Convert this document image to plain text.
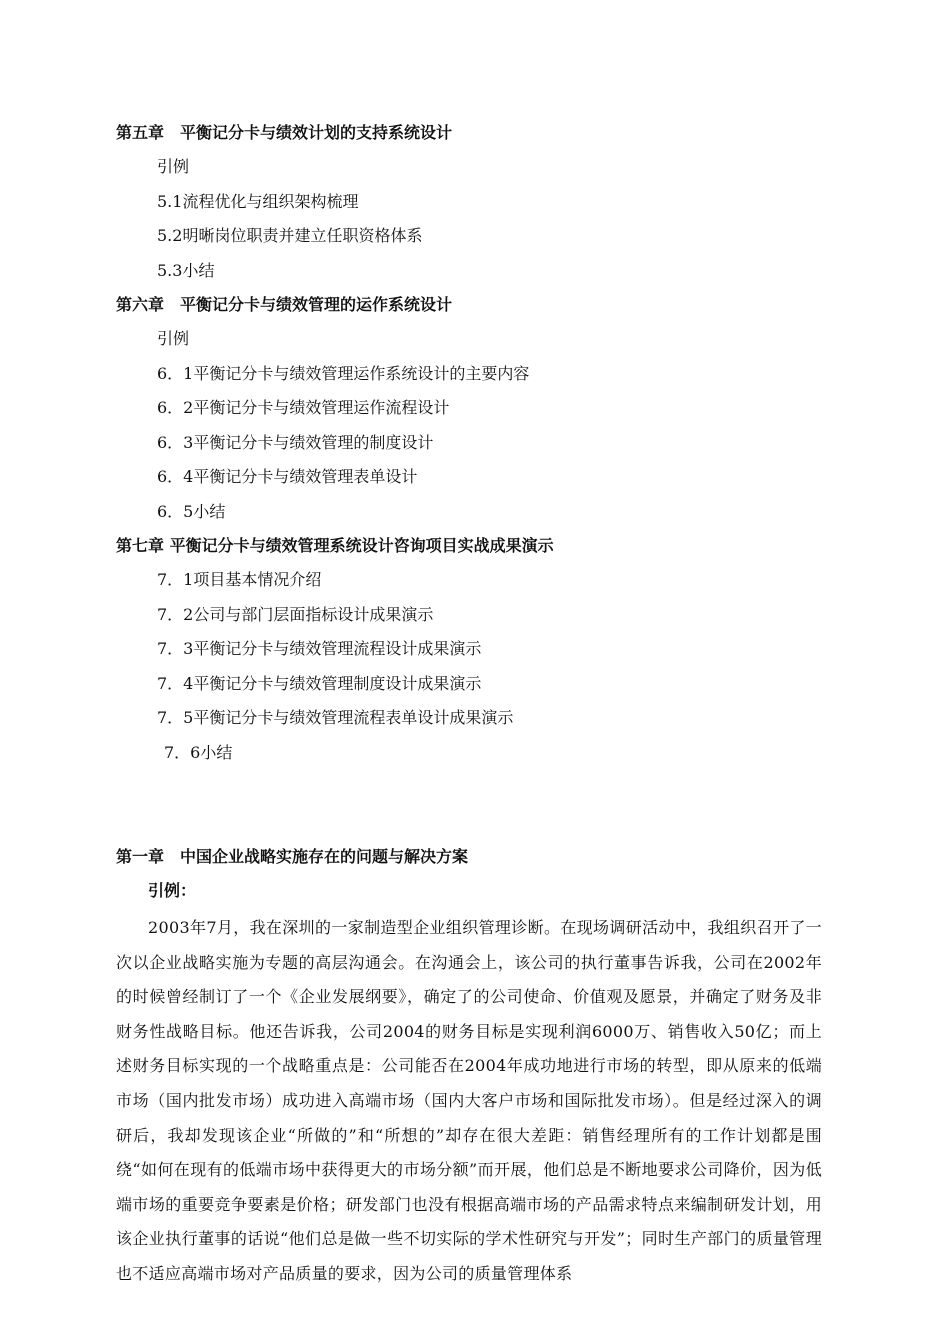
第五章　平衡记分卡与绩效计划的支持系统设计
引例
5.1流程优化与组织架构梳理
5.2明晰岗位职责并建立任职资格体系
5.3小结
第六章　平衡记分卡与绩效管理的运作系统设计
引例
6．1平衡记分卡与绩效管理运作系统设计的主要内容
6．2平衡记分卡与绩效管理运作流程设计
6．3平衡记分卡与绩效管理的制度设计
6．4平衡记分卡与绩效管理表单设计
6．5小结
第七章 平衡记分卡与绩效管理系统设计咨询项目实战成果演示
7．1项目基本情况介绍
7．2公司与部门层面指标设计成果演示
7．3平衡记分卡与绩效管理流程设计成果演示
7．4平衡记分卡与绩效管理制度设计成果演示
7．5平衡记分卡与绩效管理流程表单设计成果演示
7．6小结
第一章　中国企业战略实施存在的问题与解决方案
引例：
2003年7月，我在深圳的一家制造型企业组织管理诊断。在现场调研活动中，我组织召开了一次以企业战略实施为专题的高层沟通会。在沟通会上，该公司的执行董事告诉我，公司在2002年的时候曾经制订了一个《企业发展纲要》，确定了的公司使命、价值观及愿景，并确定了财务及非财务性战略目标。他还告诉我，公司2004的财务目标是实现利润6000万、销售收入50亿；而上述财务目标实现的一个战略重点是：公司能否在2004年成功地进行市场的转型，即从原来的低端市场（国内批发市场）成功进入高端市场（国内大客户市场和国际批发市场）。但是经过深入的调研后，我却发现该企业“所做的”和“所想的”却存在很大差距：销售经理所有的工作计划都是围绕“如何在现有的低端市场中获得更大的市场分额”而开展，他们总是不断地要求公司降价，因为低端市场的重要竞争要素是价格；研发部门也没有根据高端市场的产品需求特点来编制研发计划，用该企业执行董事的话说“他们总是做一些不切实际的学术性研究与开发”；同时生产部门的质量管理也不适应高端市场对产品质量的要求，因为公司的质量管理体系
